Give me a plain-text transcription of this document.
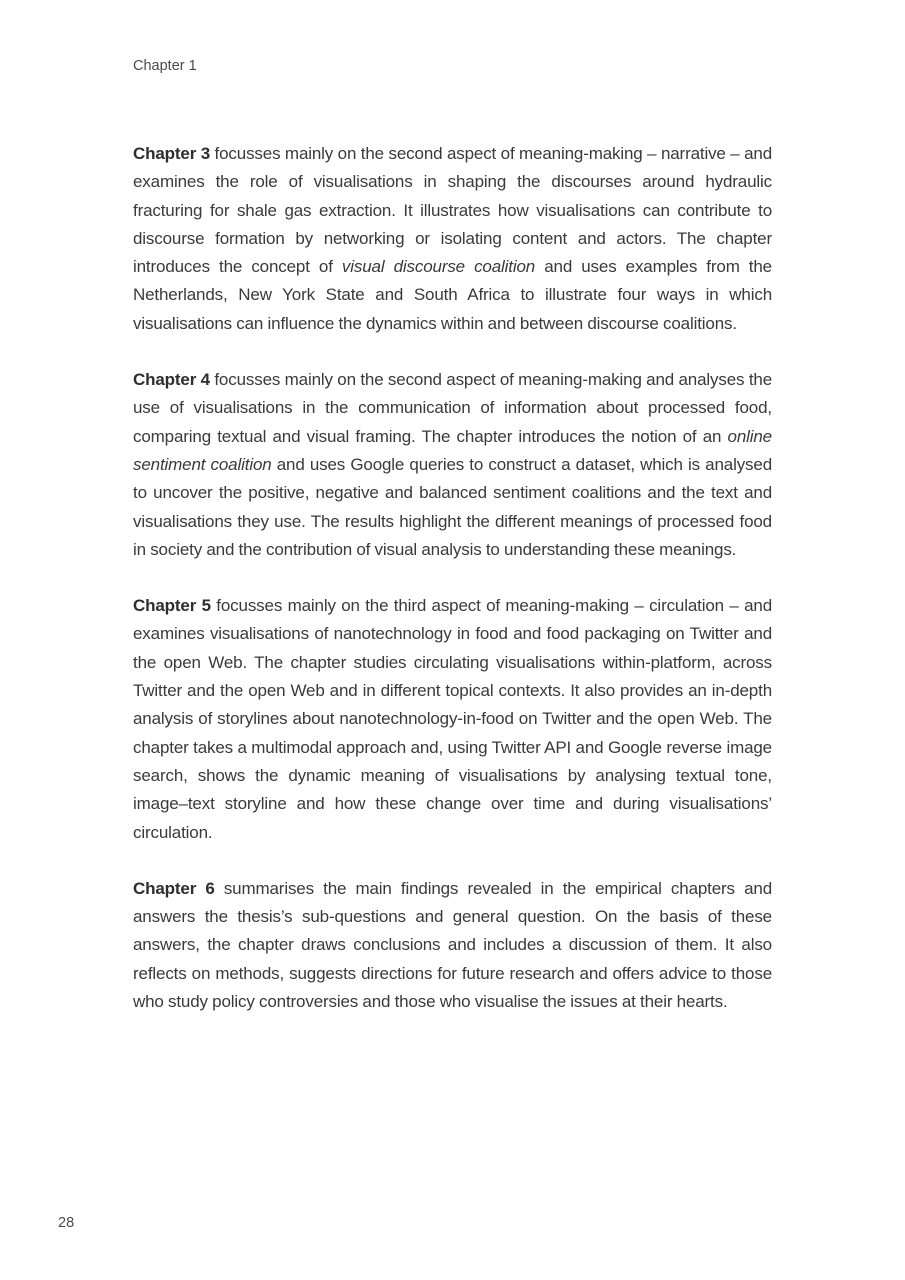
Chapter 1

Chapter 3 focusses mainly on the second aspect of meaning-making – narrative – and examines the role of visualisations in shaping the discourses around hydraulic fracturing for shale gas extraction. It illustrates how visualisations can contribute to discourse formation by networking or isolating content and actors. The chapter introduces the concept of visual discourse coalition and uses examples from the Netherlands, New York State and South Africa to illustrate four ways in which visualisations can influence the dynamics within and between discourse coalitions.

Chapter 4 focusses mainly on the second aspect of meaning-making and analyses the use of visualisations in the communication of information about processed food, comparing textual and visual framing. The chapter introduces the notion of an online sentiment coalition and uses Google queries to construct a dataset, which is analysed to uncover the positive, negative and balanced sentiment coalitions and the text and visualisations they use. The results highlight the different meanings of processed food in society and the contribution of visual analysis to understanding these meanings.

Chapter 5 focusses mainly on the third aspect of meaning-making – circulation – and examines visualisations of nanotechnology in food and food packaging on Twitter and the open Web. The chapter studies circulating visualisations within-platform, across Twitter and the open Web and in different topical contexts. It also provides an in-depth analysis of storylines about nanotechnology-in-food on Twitter and the open Web. The chapter takes a multimodal approach and, using Twitter API and Google reverse image search, shows the dynamic meaning of visualisations by analysing textual tone, image–text storyline and how these change over time and during visualisations’ circulation.

Chapter 6 summarises the main findings revealed in the empirical chapters and answers the thesis’s sub-questions and general question. On the basis of these answers, the chapter draws conclusions and includes a discussion of them. It also reflects on methods, suggests directions for future research and offers advice to those who study policy controversies and those who visualise the issues at their hearts.

28
